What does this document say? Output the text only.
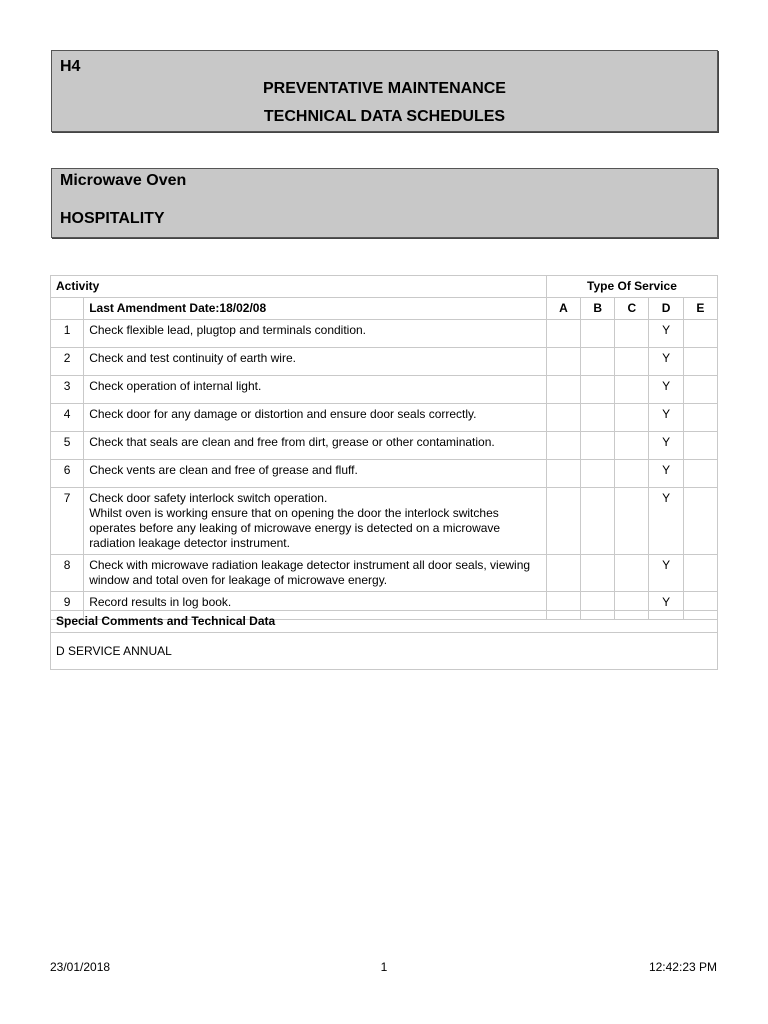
H4
PREVENTATIVE MAINTENANCE
TECHNICAL DATA SCHEDULES
Microwave Oven
HOSPITALITY
Activity		Type Of Service				
	Last Amendment Date:18/02/08	A	B	C	D	E
1	Check flexible lead, plugtop and terminals condition.				Y	
2	Check and test continuity of earth wire.				Y	
3	Check operation of internal light.				Y	
4	Check door for any damage or distortion and ensure door seals correctly.				Y	
5	Check that seals are clean and free from dirt, grease or other contamination.				Y	
6	Check vents are clean and free of grease and fluff.				Y	
7	Check door safety interlock switch operation.
Whilst oven is working ensure that on opening the door the interlock switches operates before any leaking of microwave energy is detected on a microwave radiation leakage detector instrument.				Y	
8	Check with microwave radiation leakage detector instrument all door seals, viewing window and total oven for leakage of microwave energy.				Y	
9	Record results in log book.				Y	
Special Comments and Technical Data
D SERVICE ANNUAL
23/01/2018	1	12:42:23 PM
